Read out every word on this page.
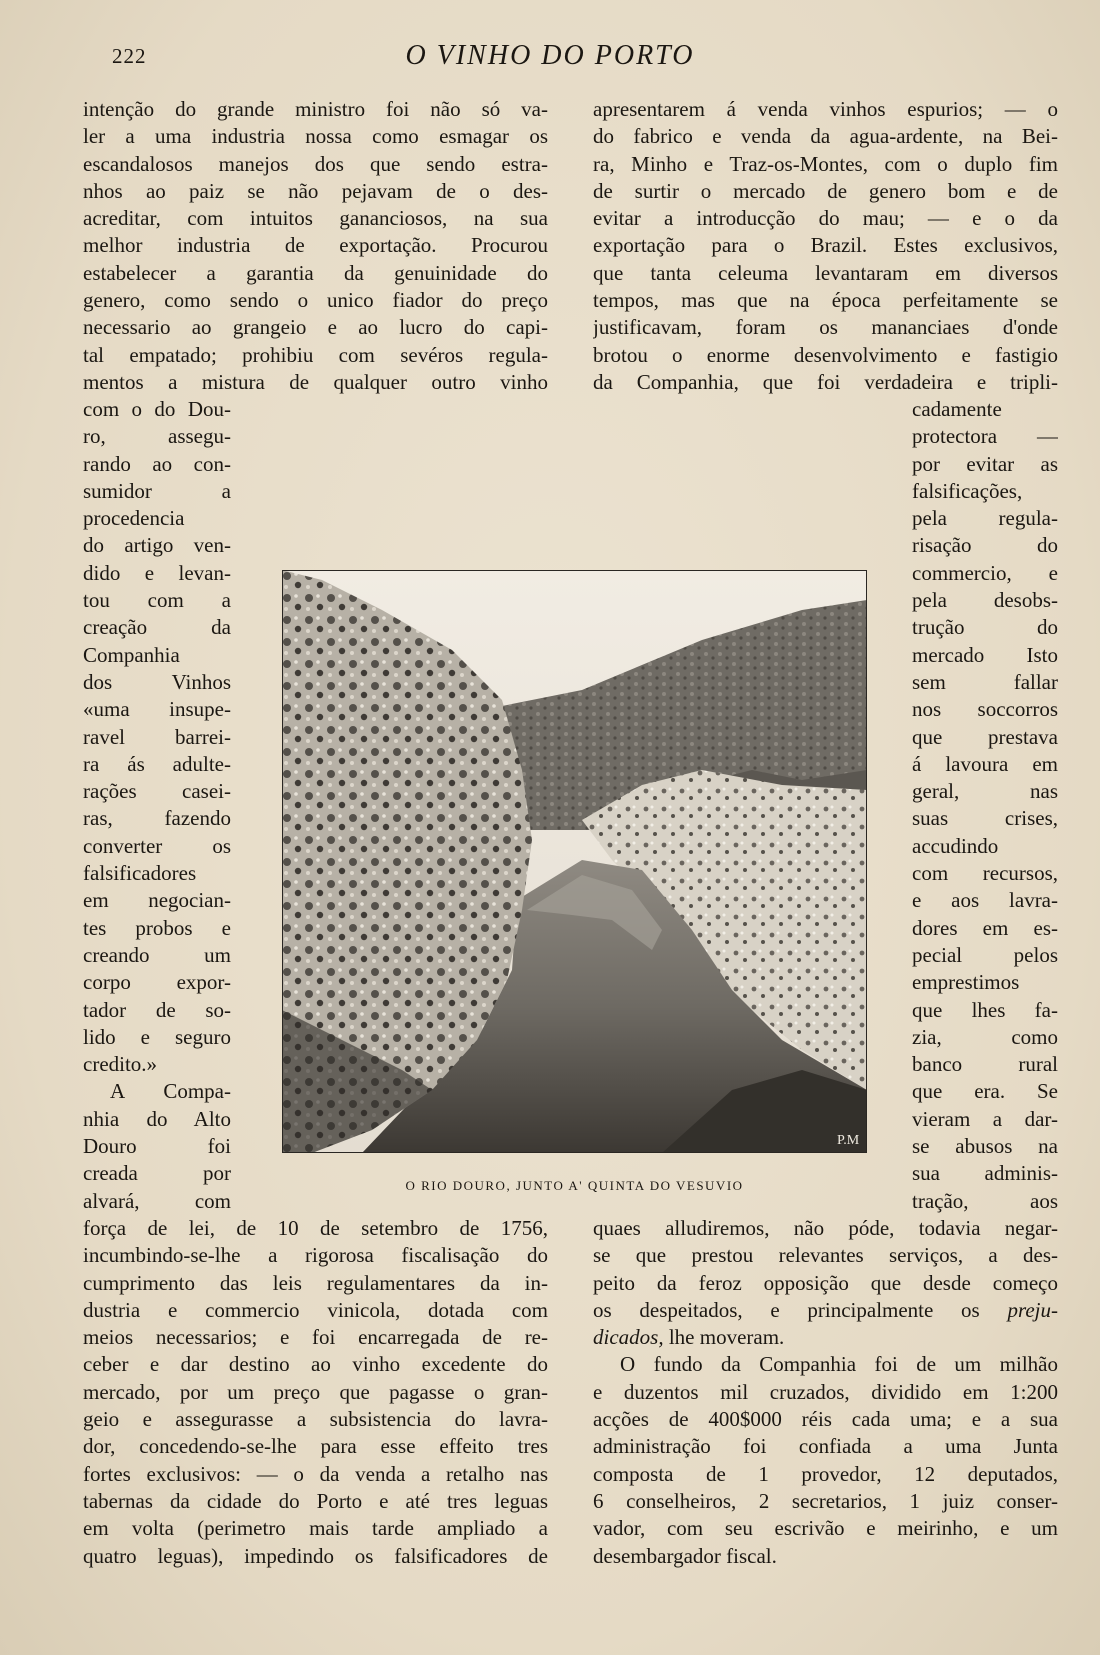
222	O VINHO DO PORTO
intenção do grande ministro foi não só va-
ler a uma industria nossa como esmagar os
escandalosos manejos dos que sendo estra-
nhos ao paiz se não pejavam de o des-
acreditar, com intuitos gananciosos, na sua
melhor industria de exportação. Procurou
estabelecer a garantia da genuinidade do
genero, como sendo o unico fiador do preço
necessario ao grangeio e ao lucro do capi-
tal empatado; prohibiu com sevéros regula-
mentos a mistura de qualquer outro vinho
com o do Dou-
ro, assegu-
rando ao con-
sumidor a
procedencia
do artigo ven-
dido e levan-
tou com a
creação da
Companhia
dos Vinhos
«uma insupe-
ravel barrei-
ra ás adulte-
rações casei-
ras, fazendo
converter os
falsificadores
em negocian-
tes probos e
creando um
corpo expor-
tador de so-
lido e seguro
credito.»
A Compa-
nhia do Alto
Douro foi
creada por
alvará, com
força de lei, de 10 de setembro de 1756,
incumbindo-se-lhe a rigorosa fiscalisação do
cumprimento das leis regulamentares da in-
dustria e commercio vinicola, dotada com
meios necessarios; e foi encarregada de re-
ceber e dar destino ao vinho excedente do
mercado, por um preço que pagasse o gran-
geio e assegurasse a subsistencia do lavra-
dor, concedendo-se-lhe para esse effeito tres
fortes exclusivos: — o da venda a retalho nas
tabernas da cidade do Porto e até tres leguas
em volta (perimetro mais tarde ampliado a
quatro leguas), impedindo os falsificadores de
apresentarem á venda vinhos espurios; — o
do fabrico e venda da agua-ardente, na Bei-
ra, Minho e Traz-os-Montes, com o duplo fim
de surtir o mercado de genero bom e de
evitar a introducção do mau; — e o da
exportação para o Brazil. Estes exclusivos,
que tanta celeuma levantaram em diversos
tempos, mas que na época perfeitamente se
justificavam, foram os mananciaes d'onde
brotou o enorme desenvolvimento e fastigio
da Companhia, que foi verdadeira e tripli-
cadamente
protectora —
por evitar as
falsificações,
pela regula-
risação do
commercio, e
pela desobs-
trução do
mercado Isto
sem fallar
nos soccorros
que prestava
á lavoura em
geral, nas
suas crises,
accudindo
com recursos,
e aos lavra-
dores em es-
pecial pelos
emprestimos
que lhes fa-
zia, como
banco rural
que era. Se
vieram a dar-
se abusos na
sua adminis-
tração, aos
quaes alludiremos, não póde, todavia negar-
se que prestou relevantes serviços, a des-
peito da feroz opposição que desde começo
os despeitados, e principalmente os preju-
dicados, lhe moveram.
O fundo da Companhia foi de um milhão
e duzentos mil cruzados, dividido em 1:200
acções de 400$000 réis cada uma; e a sua
administração foi confiada a uma Junta
composta de 1 provedor, 12 deputados,
6 conselheiros, 2 secretarios, 1 juiz conser-
vador, com seu escrivão e meirinho, e um
desembargador fiscal.
P.M
O RIO DOURO, JUNTO A' QUINTA DO VESUVIO
